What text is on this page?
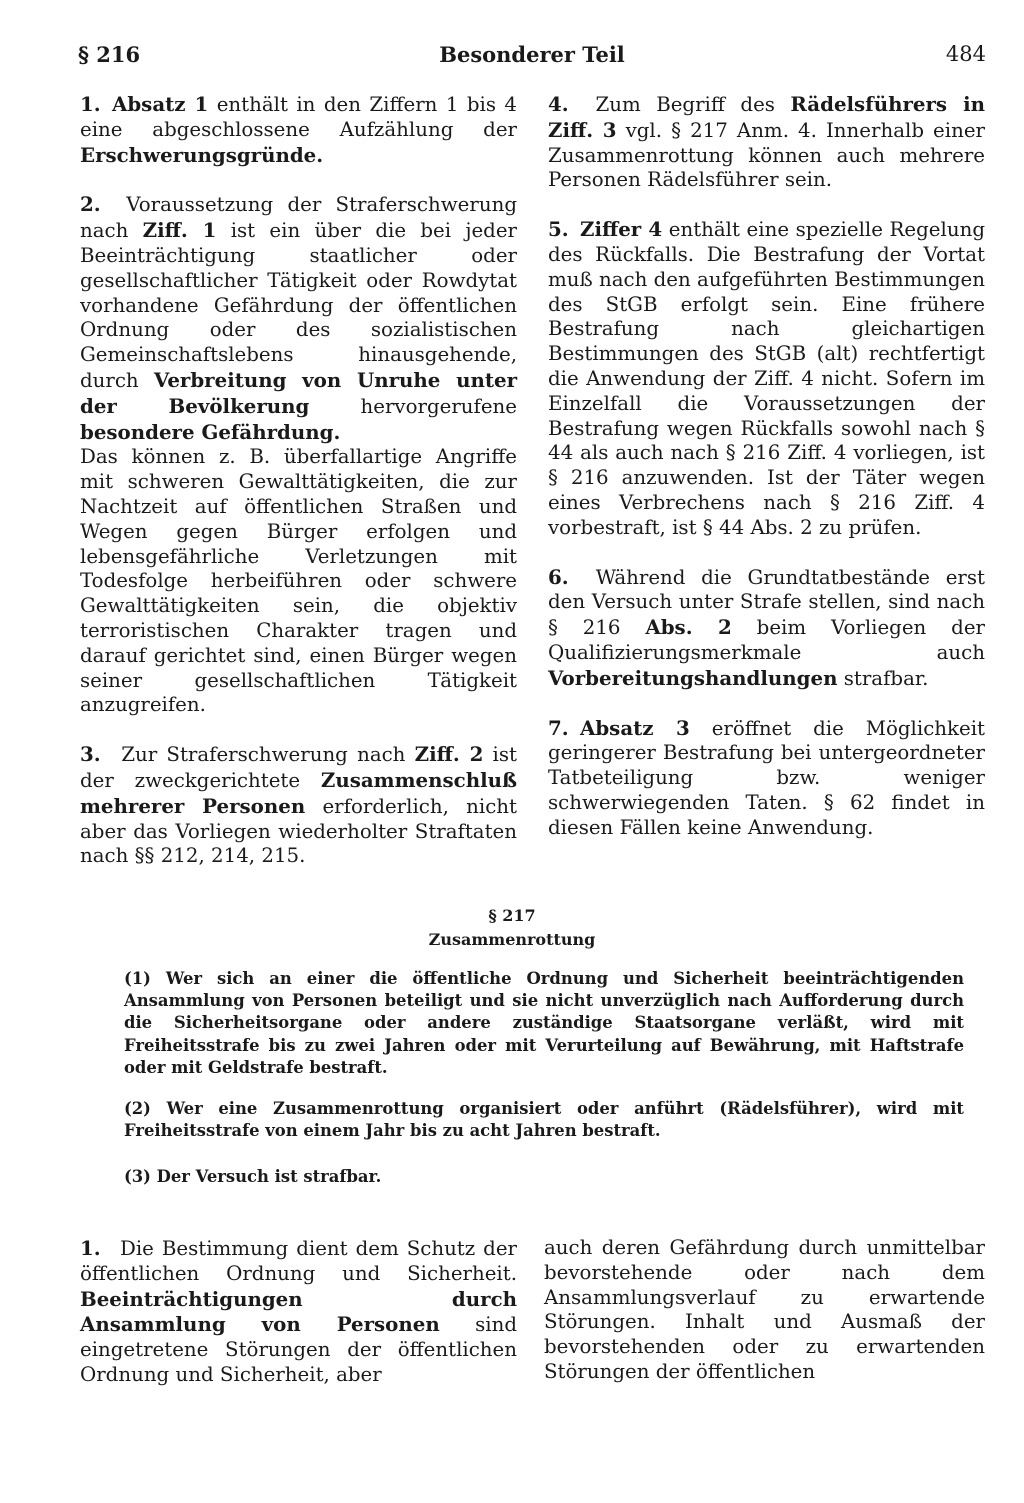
Besonderer Teil
§ 216	484

1. Absatz 1 enthält in den Ziffern 1 bis 4 eine abgeschlossene Aufzählung der Erschwerungsgründe.

2. Voraussetzung der Straferschwerung nach Ziff. 1 ist ein über die bei jeder Beeinträchtigung staatlicher oder gesellschaftlicher Tätigkeit oder Rowdytat vorhandene Gefährdung der öffentlichen Ordnung oder des sozialistischen Gemeinschaftslebens hinausgehende, durch Verbreitung von Unruhe unter der Bevölkerung hervorgerufene besondere Gefährdung.

Das können z. B. überfallartige Angriffe mit schweren Gewalttätigkeiten, die zur Nachtzeit auf öffentlichen Straßen und Wegen gegen Bürger erfolgen und lebensgefährliche Verletzungen mit Todesfolge herbeiführen oder schwere Gewalttätigkeiten sein, die objektiv terroristischen Charakter tragen und darauf gerichtet sind, einen Bürger wegen seiner gesellschaftlichen Tätigkeit anzugreifen.

3. Zur Straferschwerung nach Ziff. 2 ist der zweckgerichtete Zusammenschluß mehrerer Personen erforderlich, nicht aber das Vorliegen wiederholter Straftaten nach §§ 212, 214, 215.

4. Zum Begriff des Rädelsführers in Ziff. 3 vgl. § 217 Anm. 4. Innerhalb einer Zusammenrottung können auch mehrere Personen Rädelsführer sein.

5. Ziffer 4 enthält eine spezielle Regelung des Rückfalls. Die Bestrafung der Vortat muß nach den aufgeführten Bestimmungen des StGB erfolgt sein. Eine frühere Bestrafung nach gleichartigen Bestimmungen des StGB (alt) rechtfertigt die Anwendung der Ziff. 4 nicht. Sofern im Einzelfall die Voraussetzungen der Bestrafung wegen Rückfalls sowohl nach § 44 als auch nach § 216 Ziff. 4 vorliegen, ist § 216 anzuwenden. Ist der Täter wegen eines Verbrechens nach § 216 Ziff. 4 vorbestraft, ist § 44 Abs. 2 zu prüfen.

6. Während die Grundtatbestände erst den Versuch unter Strafe stellen, sind nach § 216 Abs. 2 beim Vorliegen der Qualifizierungsmerkmale auch Vorbereitungshandlungen strafbar.

7. Absatz 3 eröffnet die Möglichkeit geringerer Bestrafung bei untergeordneter Tatbeteiligung bzw. weniger schwerwiegenden Taten. § 62 findet in diesen Fällen keine Anwendung.

§ 217
Zusammenrottung

(1) Wer sich an einer die öffentliche Ordnung und Sicherheit beeinträchtigenden Ansammlung von Personen beteiligt und sie nicht unverzüglich nach Aufforderung durch die Sicherheitsorgane oder andere zuständige Staatsorgane verläßt, wird mit Freiheitsstrafe bis zu zwei Jahren oder mit Verurteilung auf Bewährung, mit Haftstrafe oder mit Geldstrafe bestraft.

(2) Wer eine Zusammenrottung organisiert oder anführt (Rädelsführer), wird mit Freiheitsstrafe von einem Jahr bis zu acht Jahren bestraft.

(3) Der Versuch ist strafbar.

1. Die Bestimmung dient dem Schutz der öffentlichen Ordnung und Sicherheit. Beeinträchtigungen durch Ansammlung von Personen sind eingetretene Störungen der öffentlichen Ordnung und Sicherheit, aber

auch deren Gefährdung durch unmittelbar bevorstehende oder nach dem Ansammlungsverlauf zu erwartende Störungen. Inhalt und Ausmaß der bevorstehenden oder zu erwartenden Störungen der öffentlichen
